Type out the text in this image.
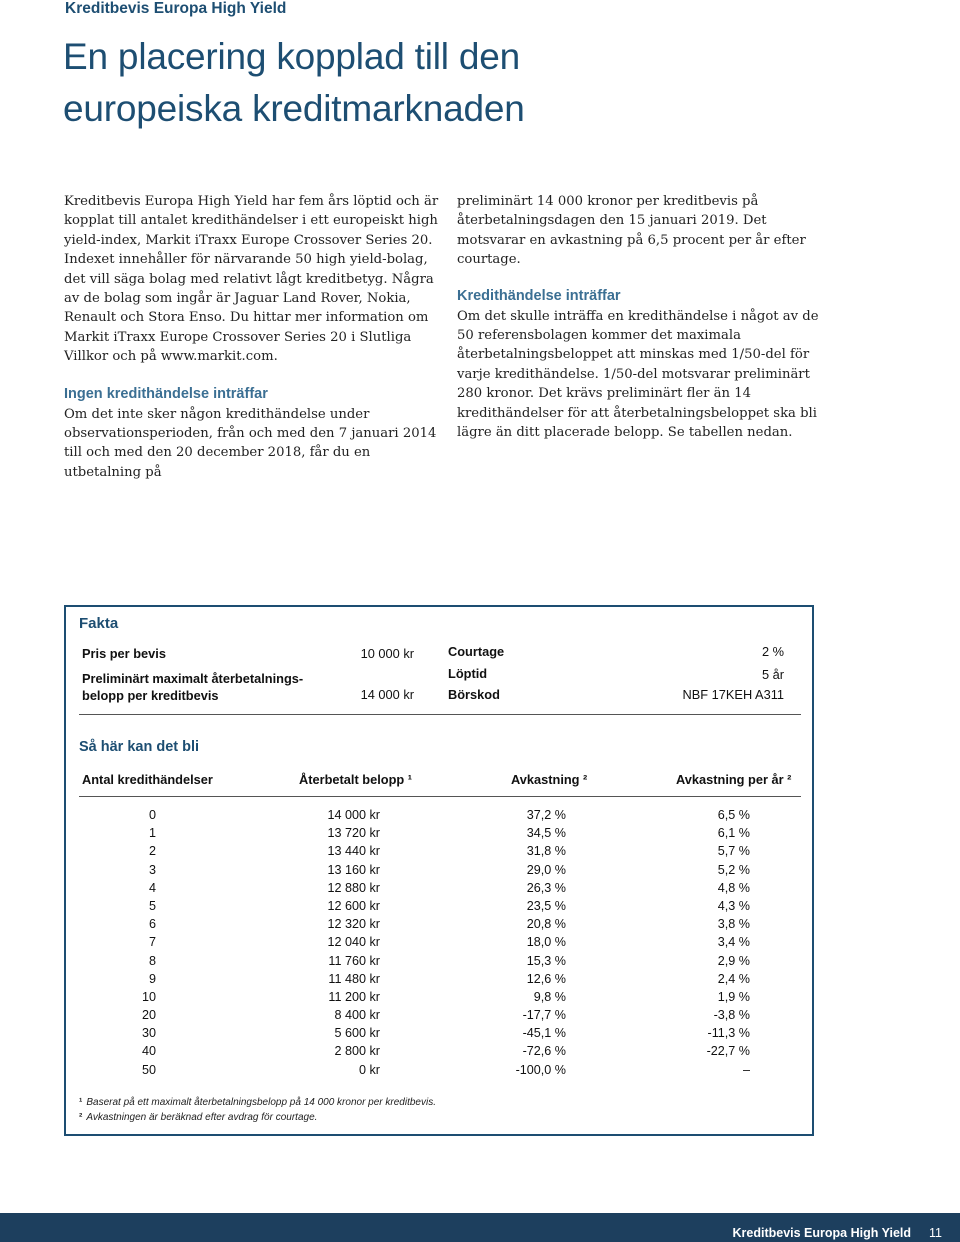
Kreditbevis Europa High Yield
En placering kopplad till den
europeiska kreditmarknaden

Kreditbevis Europa High Yield har fem års löptid och är kopplat till antalet kredithändelser i ett europeiskt high yield-index, Markit iTraxx Europe Crossover Series 20. Indexet innehåller för närvarande 50 high yield-bolag, det vill säga bolag med relativt lågt kreditbetyg. Några av de bolag som ingår är Jaguar Land Rover, Nokia, Renault och Stora Enso. Du hittar mer information om Markit iTraxx Europe Crossover Series 20 i Slutliga Villkor och på www.markit.com.

Ingen kredithändelse inträffar

Om det inte sker någon kredithändelse under observationsperioden, från och med den 7 januari 2014 till och med den 20 december 2018, får du en utbetalning på

preliminärt 14 000 kronor per kreditbevis på återbetalningsdagen den 15 januari 2019. Det motsvarar en avkastning på 6,5 procent per år efter courtage.

Kredithändelse inträffar

Om det skulle inträffa en kredithändelse i något av de 50 referensbolagen kommer det maximala återbetalningsbeloppet att minskas med 1/50-del för varje kredithändelse. 1/50-del motsvarar preliminärt 280 kronor. Det krävs preliminärt fler än 14 kredithändelser för att återbetalningsbeloppet ska bli lägre än ditt placerade belopp. Se tabellen nedan.

Fakta
Pris per bevis	10 000 kr
Preliminärt maximalt återbetalnings-
belopp per kreditbevis	14 000 kr
Courtage	2 %
Löptid	5 år
Börskod	NBF 17KEH A311
Så här kan det bli
Antal kredithändelser	Återbetalt belopp ¹	Avkastning ²	Avkastning per år ²
0	14 000 kr	37,2 %	6,5 %
1	13 720 kr	34,5 %	6,1 %
2	13 440 kr	31,8 %	5,7 %
3	13 160 kr	29,0 %	5,2 %
4	12 880 kr	26,3 %	4,8 %
5	12 600 kr	23,5 %	4,3 %
6	12 320 kr	20,8 %	3,8 %
7	12 040 kr	18,0 %	3,4 %
8	11 760 kr	15,3 %	2,9 %
9	11 480 kr	12,6 %	2,4 %
10	11 200 kr	9,8 %	1,9 %
20	8 400 kr	-17,7 %	-3,8 %
30	5 600 kr	-45,1 %	-11,3 %
40	2 800 kr	-72,6 %	-22,7 %
50	0 kr	-100,0 %	–
¹ Baserat på ett maximalt återbetalningsbelopp på 14 000 kronor per kreditbevis.
² Avkastningen är beräknad efter avdrag för courtage.
Kreditbevis Europa High Yield 11
